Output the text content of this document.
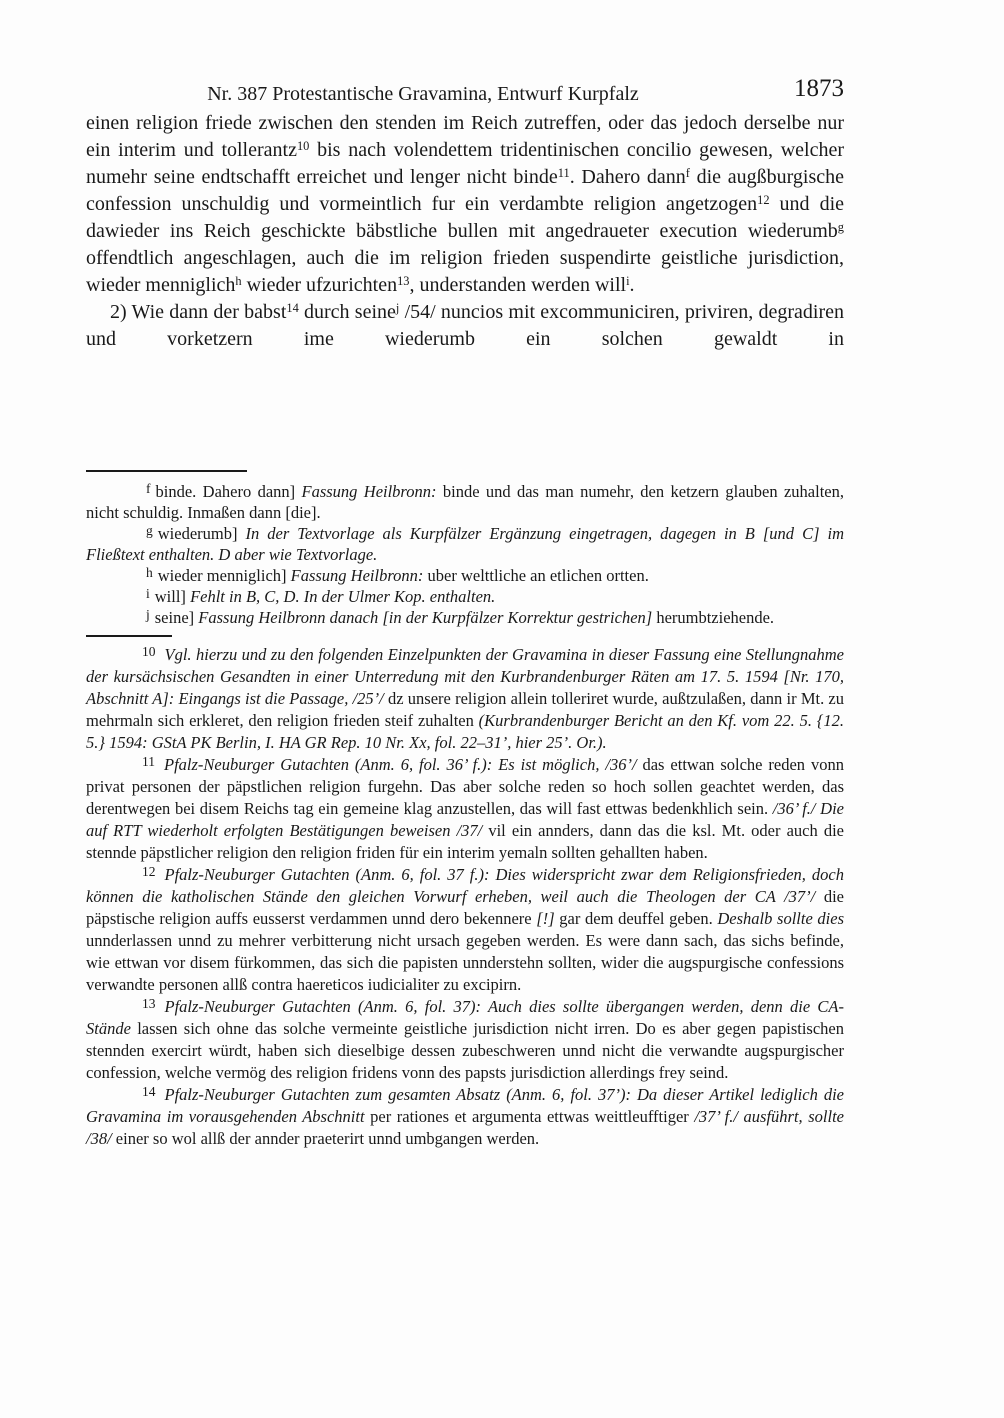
Nr. 387 Protestantische Gravamina, Entwurf Kurpfalz	1873

einen religion friede zwischen den stenden im Reich zutreffen, oder das jedoch derselbe nur ein interim und tollerantz$^{10}$ bis nach volendettem tridentinischen concilio gewesen, welcher numehr seine endtschafft erreichet und lenger nicht binde$^{11}$. Dahero dann$^f$ die augßburgische confession unschuldig und vormeintlich fur ein verdambte religion angetzogen$^{12}$ und die dawieder ins Reich geschickte bäbstliche bullen mit angedraueter execution wiederumb$^g$ offendtlich angeschlagen, auch die im religion frieden suspendirte geistliche jurisdiction, wieder menniglich$^h$ wieder ufzurichten$^{13}$, understanden werden will$^i$.

2) Wie dann der babst$^{14}$ durch seine$^j$ /54/ nuncios mit excommuniciren, priviren, degradiren und vorketzern ime wiederumb ein solchen gewaldt in

f binde. Dahero dann] Fassung Heilbronn: binde und das man numehr, den ketzern glauben zuhalten, nicht schuldig. Inmaßen dann [die].

g wiederumb] In der Textvorlage als Kurpfälzer Ergänzung eingetragen, dagegen in B [und C] im Fließtext enthalten. D aber wie Textvorlage.

h wieder menniglich] Fassung Heilbronn: uber welttliche an etlichen ortten.

i will] Fehlt in B, C, D. In der Ulmer Kop. enthalten.

j seine] Fassung Heilbronn danach [in der Kurpfälzer Korrektur gestrichen] herumbtziehende.

10 Vgl. hierzu und zu den folgenden Einzelpunkten der Gravamina in dieser Fassung eine Stellungnahme der kursächsischen Gesandten in einer Unterredung mit den Kurbrandenburger Räten am 17. 5. 1594 [Nr. 170, Abschnitt A]: Eingangs ist die Passage, /25’/ dz unsere religion allein tolleriret wurde, außtzulaßen, dann ir Mt. zu mehrmaln sich erkleret, den religion frieden steif zuhalten (Kurbrandenburger Bericht an den Kf. vom 22. 5. {12. 5.} 1594: GStA PK Berlin, I. HA GR Rep. 10 Nr. Xx, fol. 22–31’, hier 25’. Or.).

11 Pfalz-Neuburger Gutachten (Anm. 6, fol. 36’ f.): Es ist möglich, /36’/ das ettwan solche reden vonn privat personen der päpstlichen religion furgehn. Das aber solche reden so hoch sollen geachtet werden, das derentwegen bei disem Reichs tag ein gemeine klag anzustellen, das will fast ettwas bedenkhlich sein. /36’ f./ Die auf RTT wiederholt erfolgten Bestätigungen beweisen /37/ vil ein annders, dann das die ksl. Mt. oder auch die stennde päpstlicher religion den religion friden für ein interim yemaln sollten gehallten haben.

12 Pfalz-Neuburger Gutachten (Anm. 6, fol. 37 f.): Dies widerspricht zwar dem Religionsfrieden, doch können die katholischen Stände den gleichen Vorwurf erheben, weil auch die Theologen der CA /37’/ die päpstische religion auffs eusserst verdammen unnd dero bekennere [!] gar dem deuffel geben. Deshalb sollte dies unnderlassen unnd zu mehrer verbitterung nicht ursach gegeben werden. Es were dann sach, das sichs befinde, wie ettwan vor disem fürkommen, das sich die papisten unnderstehn sollten, wider die augspurgische confessions verwandte personen allß contra haereticos iudicialiter zu excipirn.

13 Pfalz-Neuburger Gutachten (Anm. 6, fol. 37): Auch dies sollte übergangen werden, denn die CA-Stände lassen sich ohne das solche vermeinte geistliche jurisdiction nicht irren. Do es aber gegen papistischen stennden exercirt würdt, haben sich dieselbige dessen zubeschweren unnd nicht die verwandte augspurgischer confession, welche vermög des religion fridens vonn des papsts jurisdiction allerdings frey seind.

14 Pfalz-Neuburger Gutachten zum gesamten Absatz (Anm. 6, fol. 37’): Da dieser Artikel lediglich die Gravamina im vorausgehenden Abschnitt per rationes et argumenta ettwas weittleufftiger /37’ f./ ausführt, sollte /38/ einer so wol allß der annder praeterirt unnd umbgangen werden.
